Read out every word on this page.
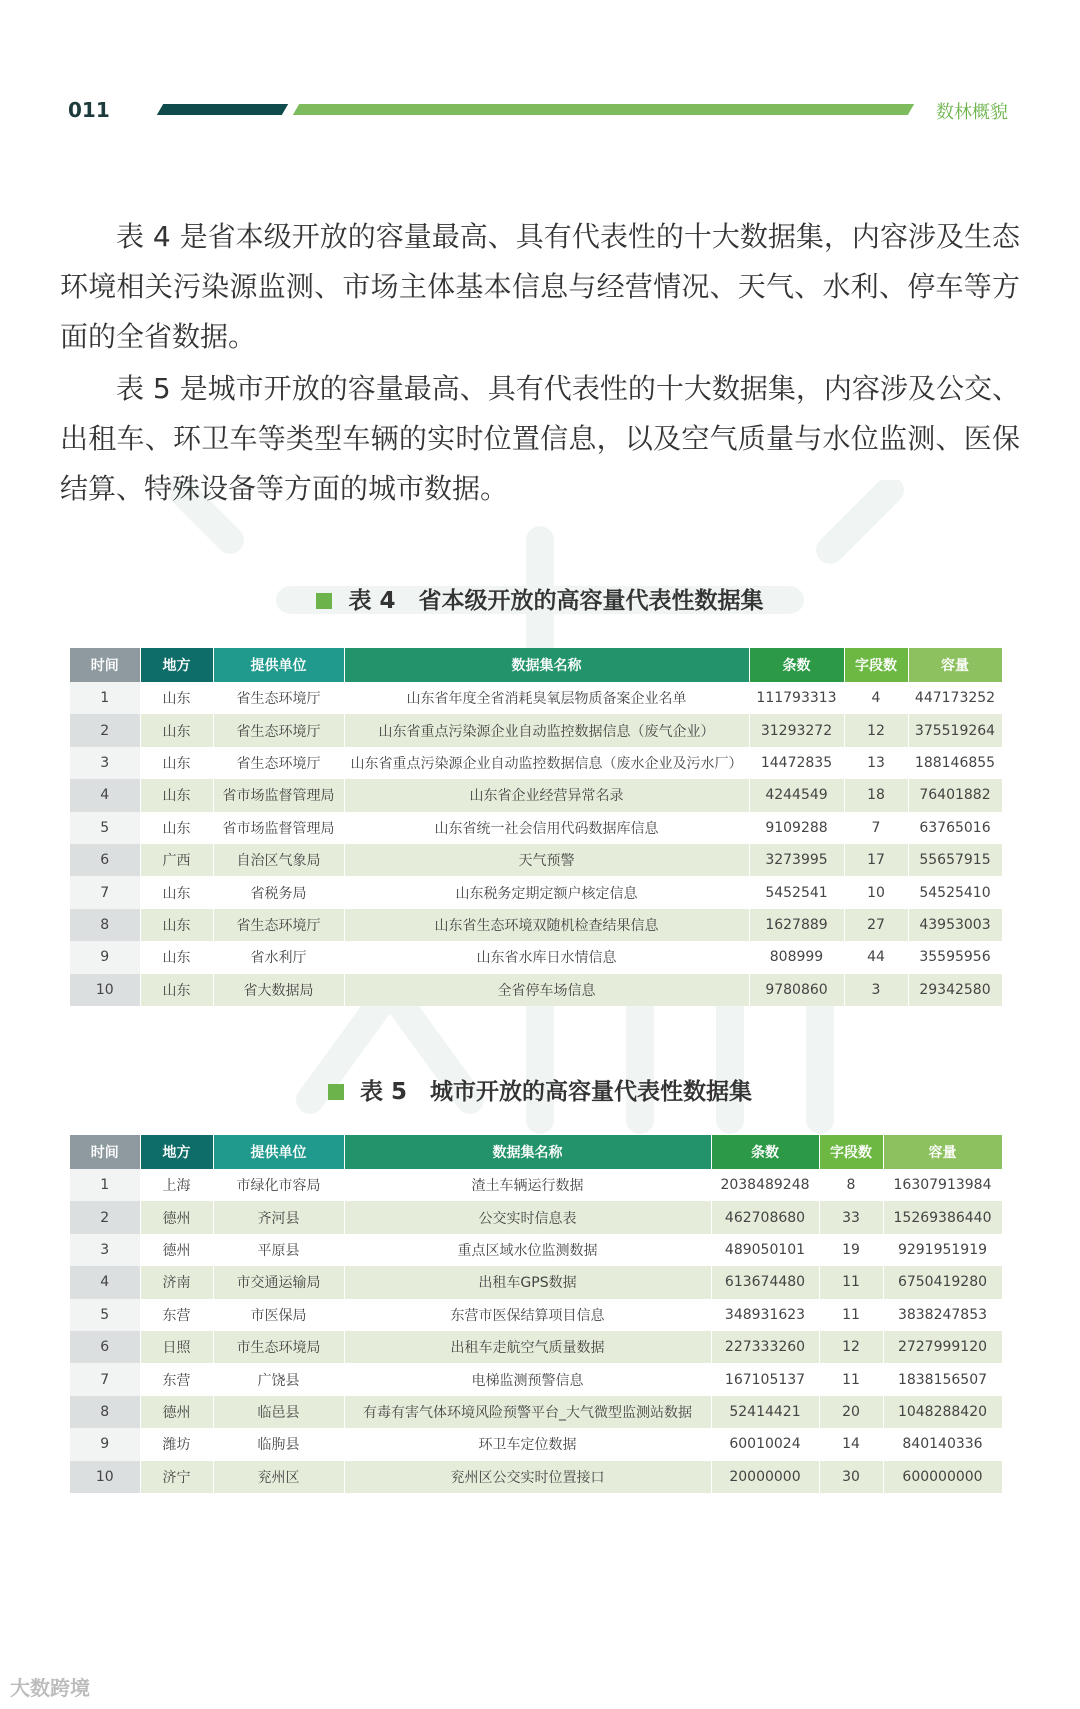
011	数林概貌

表 4 是省本级开放的容量最高、具有代表性的十大数据集，内容涉及生态环境相关污染源监测、市场主体基本信息与经营情况、天气、水利、停车等方面的全省数据。

表 5 是城市开放的容量最高、具有代表性的十大数据集，内容涉及公交、出租车、环卫车等类型车辆的实时位置信息，以及空气质量与水位监测、医保结算、特殊设备等方面的城市数据。

表 4　省本级开放的高容量代表性数据集
时间	地方	提供单位	数据集名称	条数	字段数	容量
1	山东	省生态环境厅	山东省年度全省消耗臭氧层物质备案企业名单	111793313	4	447173252
2	山东	省生态环境厅	山东省重点污染源企业自动监控数据信息（废气企业）	31293272	12	375519264
3	山东	省生态环境厅	山东省重点污染源企业自动监控数据信息（废水企业及污水厂）	14472835	13	188146855
4	山东	省市场监督管理局	山东省企业经营异常名录	4244549	18	76401882
5	山东	省市场监督管理局	山东省统一社会信用代码数据库信息	9109288	7	63765016
6	广西	自治区气象局	天气预警	3273995	17	55657915
7	山东	省税务局	山东税务定期定额户核定信息	5452541	10	54525410
8	山东	省生态环境厅	山东省生态环境双随机检查结果信息	1627889	27	43953003
9	山东	省水利厅	山东省水库日水情信息	808999	44	35595956
10	山东	省大数据局	全省停车场信息	9780860	3	29342580
表 5　城市开放的高容量代表性数据集
时间	地方	提供单位	数据集名称	条数	字段数	容量
1	上海	市绿化市容局	渣土车辆运行数据	2038489248	8	16307913984
2	德州	齐河县	公交实时信息表	462708680	33	15269386440
3	德州	平原县	重点区域水位监测数据	489050101	19	9291951919
4	济南	市交通运输局	出租车GPS数据	613674480	11	6750419280
5	东营	市医保局	东营市医保结算项目信息	348931623	11	3838247853
6	日照	市生态环境局	出租车走航空气质量数据	227333260	12	2727999120
7	东营	广饶县	电梯监测预警信息	167105137	11	1838156507
8	德州	临邑县	有毒有害气体环境风险预警平台_大气微型监测站数据	52414421	20	1048288420
9	潍坊	临朐县	环卫车定位数据	60010024	14	840140336
10	济宁	兖州区	兖州区公交实时位置接口	20000000	30	600000000
大数跨境
